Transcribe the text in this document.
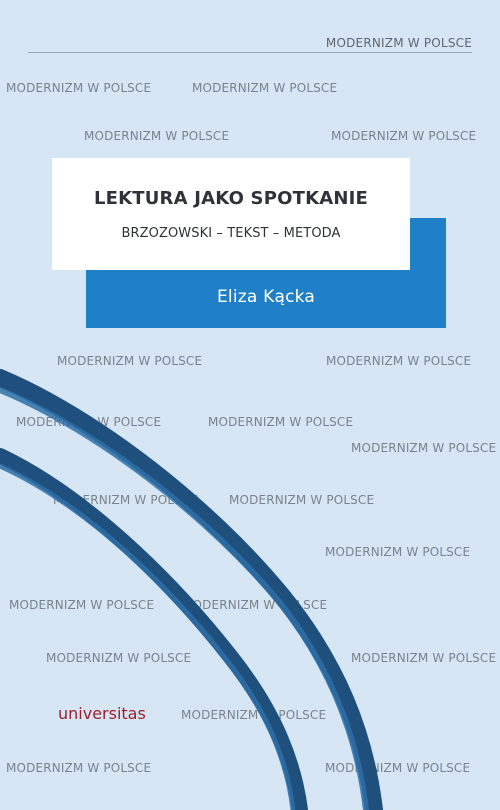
MODERNIZM W POLSCE
MODERNIZM W POLSCE	MODERNIZM W POLSCE
MODERNIZM W POLSCE	MODERNIZM W POLSCE
MODERNIZM W POLSCE	MODERNIZM W POLSCE
MODERNIZM W POLSCE	MODERNIZM W POLSCE
MODERNIZM W POLSCE
MODERNIZM W POLSCE	MODERNIZM W POLSCE
MODERNIZM W POLSCE
MODERNIZM W POLSCE MODERNIZM W POLSCE
MODERNIZM W POLSCE	MODERNIZM W POLSCE
MODERNIZM W POLSCE
MODERNIZM W POLSCE	MODERNIZM W POLSCE
Eliza Kącka
LEKTURA JAKO SPOTKANIE
BRZOZOWSKI – TEKST – METODA
universitas
